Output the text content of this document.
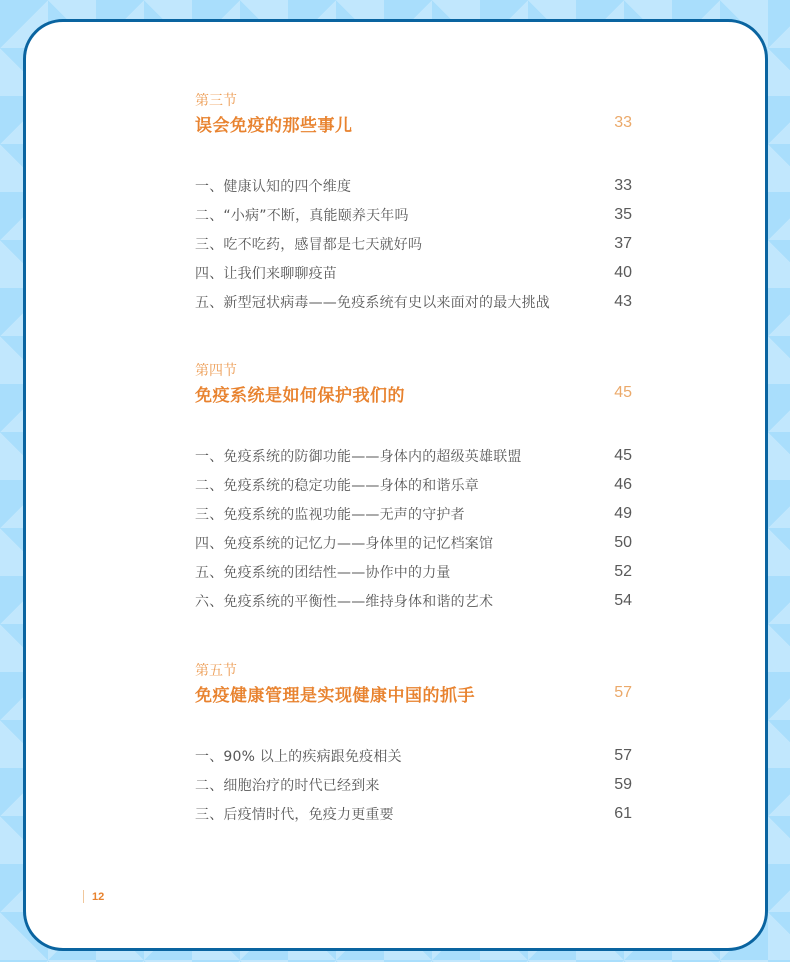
第三节

误会免疫的那些事儿	33
一、健康认知的四个维度	33
二、“小病”不断，真能颐养天年吗	35
三、吃不吃药，感冒都是七天就好吗	37
四、让我们来聊聊疫苗	40
五、新型冠状病毒——免疫系统有史以来面对的最大挑战	43

第四节

免疫系统是如何保护我们的	45
一、免疫系统的防御功能——身体内的超级英雄联盟	45
二、免疫系统的稳定功能——身体的和谐乐章	46
三、免疫系统的监视功能——无声的守护者	49
四、免疫系统的记忆力——身体里的记忆档案馆	50
五、免疫系统的团结性——协作中的力量	52
六、免疫系统的平衡性——维持身体和谐的艺术	54

第五节

免疫健康管理是实现健康中国的抓手	57
一、90% 以上的疾病跟免疫相关	57
二、细胞治疗的时代已经到来	59
三、后疫情时代，免疫力更重要	61
12
